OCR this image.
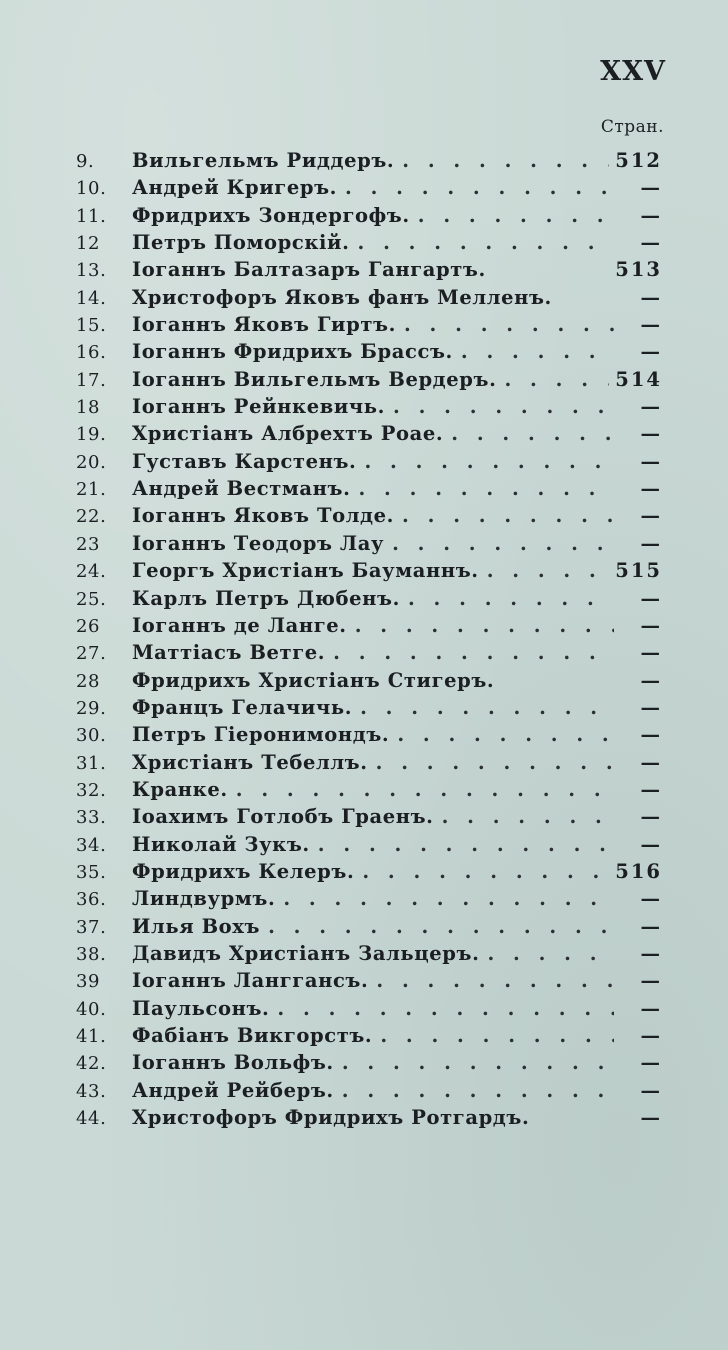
XXV
Стран.
9.	Вильгельмъ Риддеръ. . . .	512
10.	Андрей Кригеръ. . . .	—
11.	Фридрихъ Зондергофъ. . . .	—
12	Петръ Поморскій. . . .	—
13.	Іоганнъ Балтазаръ Гангартъ.	513
14.	Христофоръ Яковъ фанъ Мелленъ.	—
15.	Іоганнъ Яковъ Гиртъ. . . .	—
16.	Іоганнъ Фридрихъ Брассъ. . . .	—
17.	Іоганнъ Вильгельмъ Вердеръ. . . .	514
18	Іоганнъ Рейнкевичь. . . .	—
19.	Христіанъ Албрехтъ Роае. . . .	—
20.	Густавъ Карстенъ. . . .	—
21.	Андрей Вестманъ. . . .	—
22.	Іоганнъ Яковъ Толде. . . .	—
23	Іоганнъ Теодоръ Лау . . .	—
24.	Георгъ Христіанъ Бауманнъ. . . .	515
25.	Карлъ Петръ Дюбенъ. . . .	—
26	Іоганнъ де Ланге. . . .	—
27.	Маттіасъ Ветге. . . .	—
28	Фридрихъ Христіанъ Стигеръ.	—
29.	Францъ Гелачичь. . . .	—
30.	Петръ Гіеронимондъ. . . .	—
31.	Христіанъ Тебеллъ. . . .	—
32.	Кранке. . . .	—
33.	Іоахимъ Готлобъ Граенъ. . . .	—
34.	Николай Зукъ. . . .	—
35.	Фридрихъ Келеръ. . . .	516
36.	Линдвурмъ. . . .	—
37.	Илья Вохъ . . .	—
38.	Давидъ Христіанъ Зальцеръ. . . .	—
39	Іоганнъ Лангганcъ. . . .	—
40.	Паульсонъ. . . .	—
41.	Фабіанъ Викгорстъ. . . .	—
42.	Іоганнъ Вольфъ. . . .	—
43.	Андрей Рейберъ. . . .	—
44.	Христофоръ Фридрихъ Ротгардъ.	—
